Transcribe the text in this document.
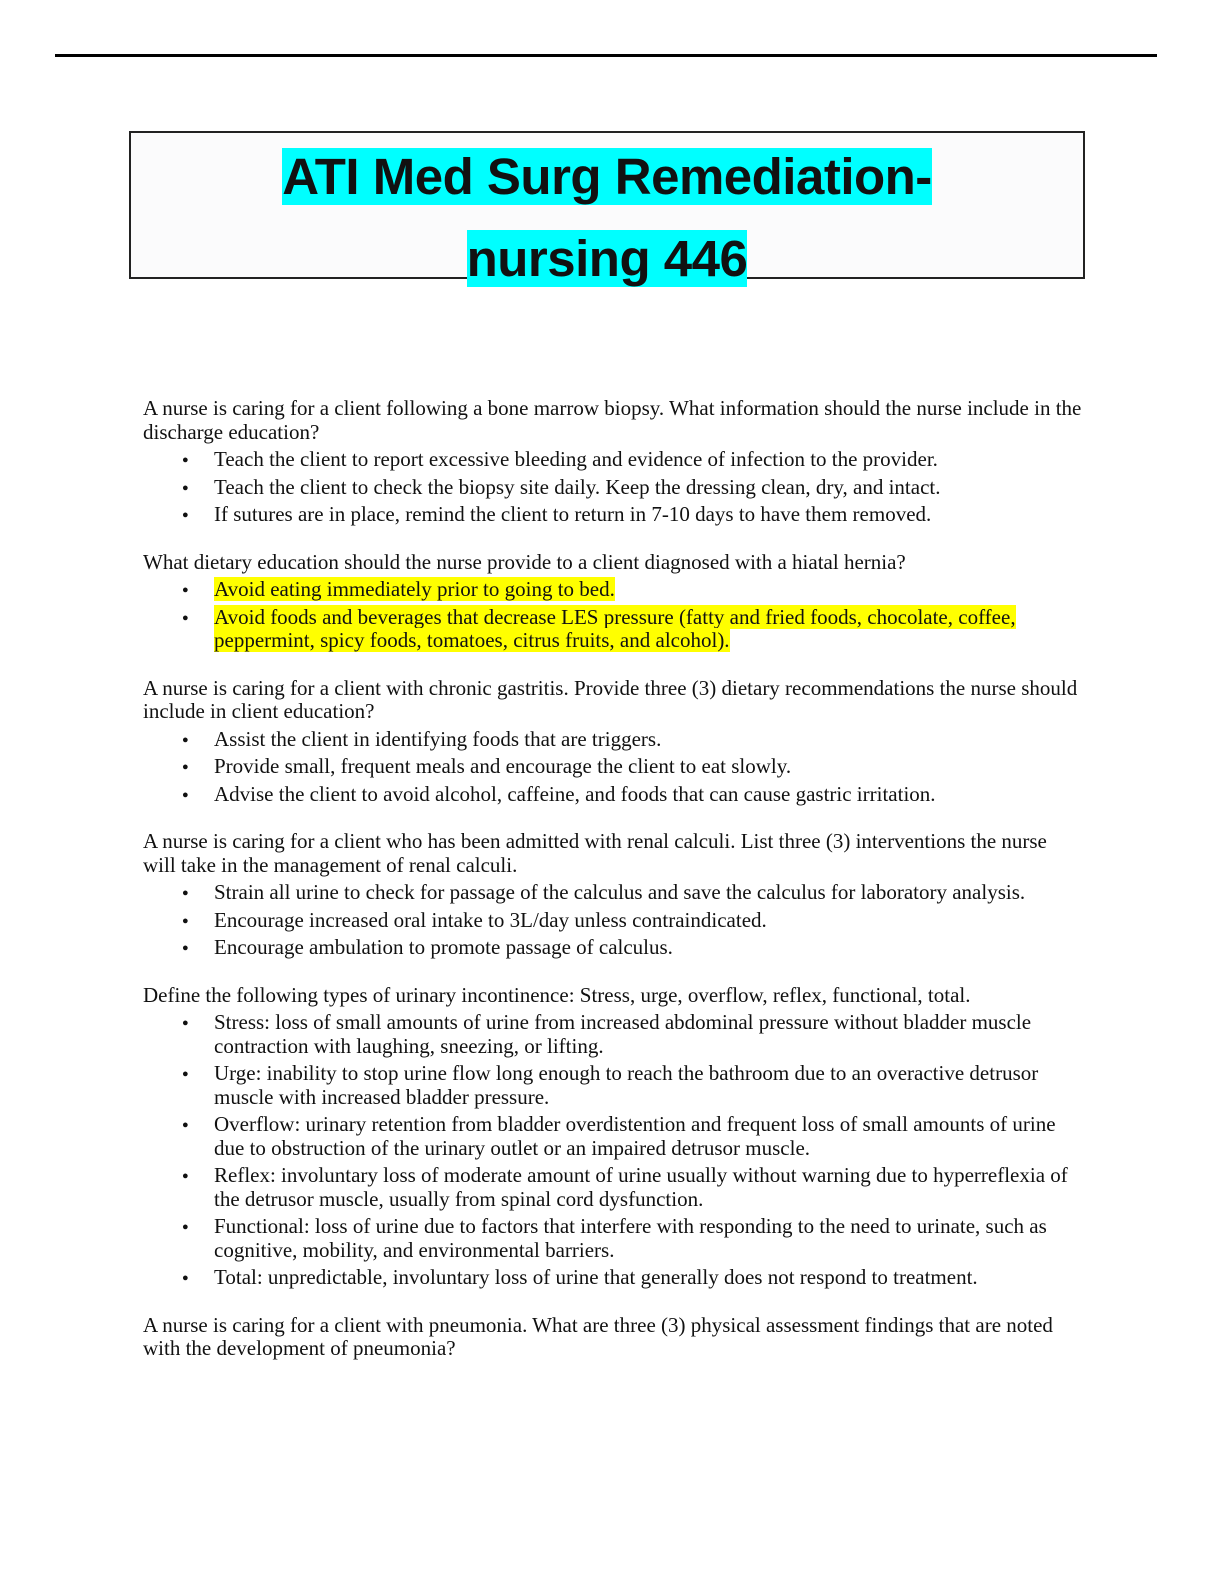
ATI Med Surg Remediation-
nursing 446

A nurse is caring for a client following a bone marrow biopsy. What information should the nurse include in the discharge education?

● Teach the client to report excessive bleeding and evidence of infection to the provider.
● Teach the client to check the biopsy site daily. Keep the dressing clean, dry, and intact.
● If sutures are in place, remind the client to return in 7-10 days to have them removed.

What dietary education should the nurse provide to a client diagnosed with a hiatal hernia?

● Avoid eating immediately prior to going to bed.
● Avoid foods and beverages that decrease LES pressure (fatty and fried foods, chocolate, coffee, peppermint, spicy foods, tomatoes, citrus fruits, and alcohol).

A nurse is caring for a client with chronic gastritis. Provide three (3) dietary recommendations the nurse should include in client education?

● Assist the client in identifying foods that are triggers.
● Provide small, frequent meals and encourage the client to eat slowly.
● Advise the client to avoid alcohol, caffeine, and foods that can cause gastric irritation.

A nurse is caring for a client who has been admitted with renal calculi. List three (3) interventions the nurse will take in the management of renal calculi.

● Strain all urine to check for passage of the calculus and save the calculus for laboratory analysis.
● Encourage increased oral intake to 3L/day unless contraindicated.
● Encourage ambulation to promote passage of calculus.

Define the following types of urinary incontinence: Stress, urge, overflow, reflex, functional, total.

● Stress: loss of small amounts of urine from increased abdominal pressure without bladder muscle contraction with laughing, sneezing, or lifting.
● Urge: inability to stop urine flow long enough to reach the bathroom due to an overactive detrusor muscle with increased bladder pressure.
● Overflow: urinary retention from bladder overdistention and frequent loss of small amounts of urine due to obstruction of the urinary outlet or an impaired detrusor muscle.
● Reflex: involuntary loss of moderate amount of urine usually without warning due to hyperreflexia of the detrusor muscle, usually from spinal cord dysfunction.
● Functional: loss of urine due to factors that interfere with responding to the need to urinate, such as cognitive, mobility, and environmental barriers.
● Total: unpredictable, involuntary loss of urine that generally does not respond to treatment.

A nurse is caring for a client with pneumonia. What are three (3) physical assessment findings that are noted with the development of pneumonia?
